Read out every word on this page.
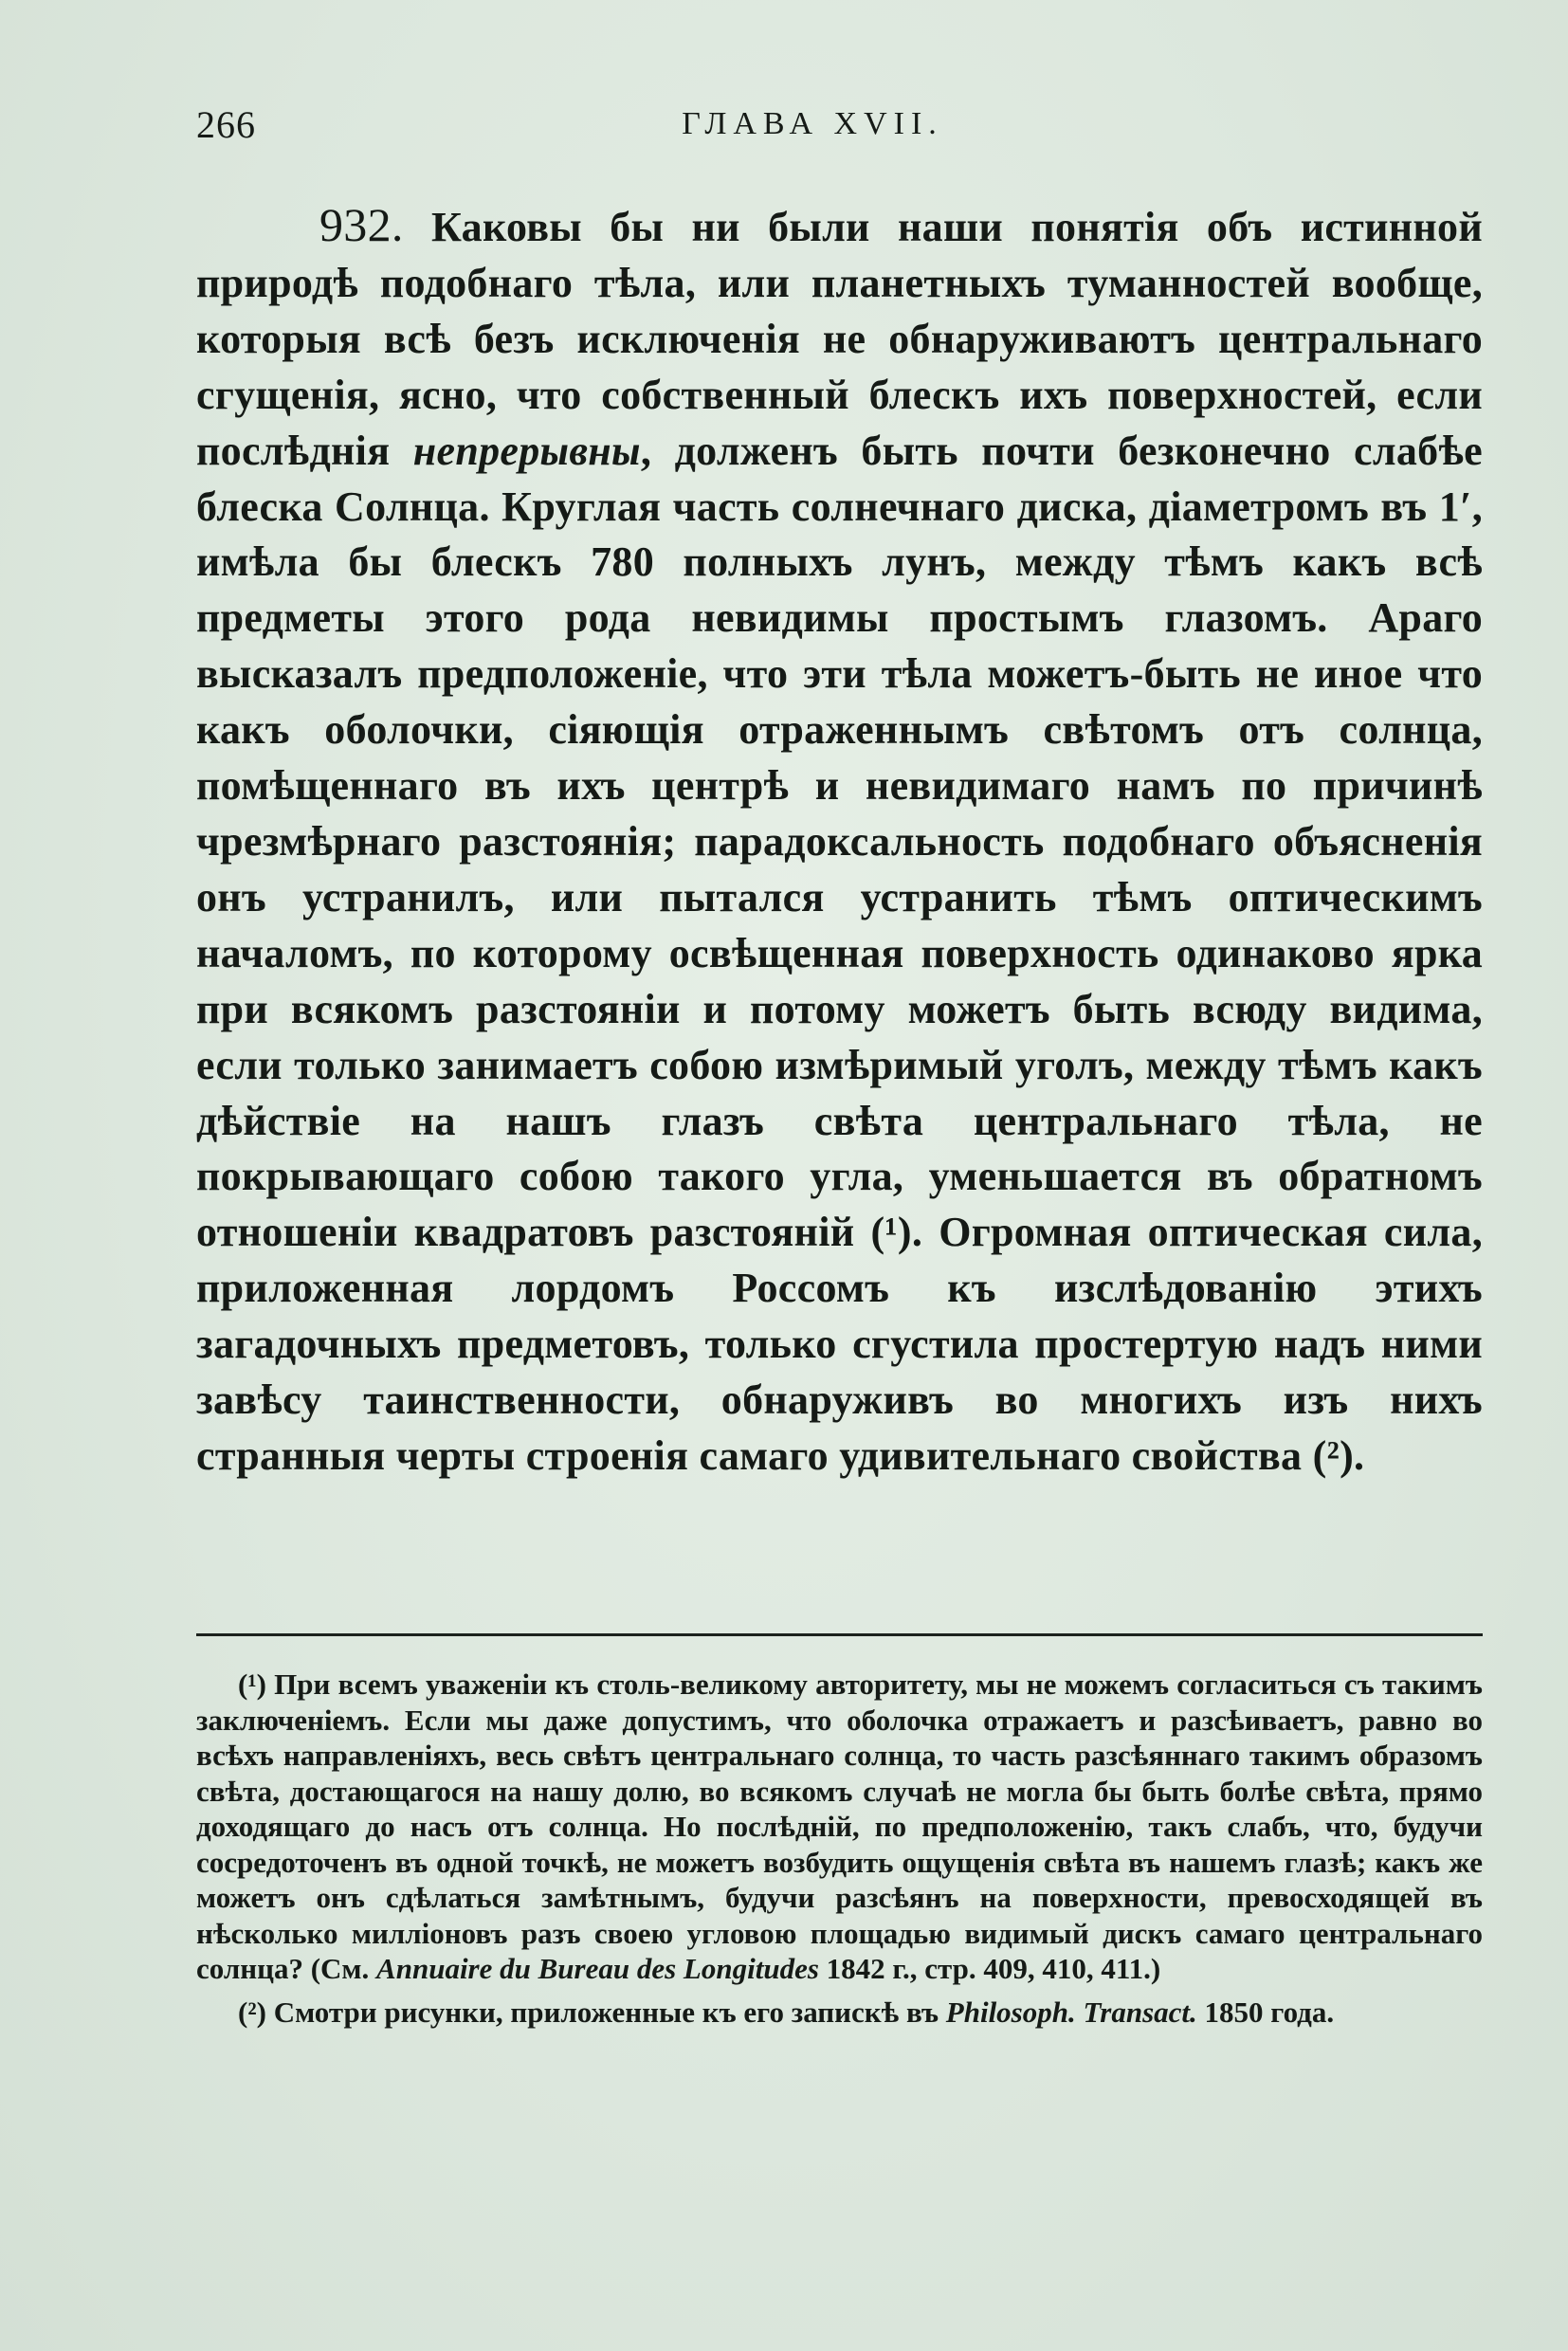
266	ГЛАВА XVII.

932. Каковы бы ни были наши понятія объ истинной природѣ подобнаго тѣла, или планетныхъ туманностей вообще, которыя всѣ безъ исключенія не обнаруживаютъ центральнаго сгущенія, ясно, что собственный блескъ ихъ поверхностей, если послѣднія непрерывны, долженъ быть почти безконечно слабѣе блеска Солнца. Круглая часть солнечнаго диска, діаметромъ въ 1′, имѣла бы блескъ 780 полныхъ лунъ, между тѣмъ какъ всѣ предметы этого рода невидимы простымъ глазомъ. Араго высказалъ предположеніе, что эти тѣла можетъ-быть не иное что какъ оболочки, сіяющія отраженнымъ свѣтомъ отъ солнца, помѣщеннаго въ ихъ центрѣ и невидимаго намъ по причинѣ чрезмѣрнаго разстоянія; парадоксальность подобнаго объясненія онъ устранилъ, или пытался устранить тѣмъ оптическимъ началомъ, по которому освѣщенная поверхность одинаково ярка при всякомъ разстояніи и потому можетъ быть всюду видима, если только занимаетъ собою измѣримый уголъ, между тѣмъ какъ дѣйствіе на нашъ глазъ свѣта центральнаго тѣла, не покрывающаго собою такого угла, уменьшается въ обратномъ отношеніи квадратовъ разстояній (¹). Огромная оптическая сила, приложенная лордомъ Россомъ къ изслѣдованію этихъ загадочныхъ предметовъ, только сгустила простертую надъ ними завѣсу таинственности, обнаруживъ во многихъ изъ нихъ странныя черты строенія самаго удивительнаго свойства (²).

(¹) При всемъ уваженіи къ столь-великому авторитету, мы не можемъ согласиться съ такимъ заключеніемъ. Если мы даже допустимъ, что оболочка отражаетъ и разсѣиваетъ, равно во всѣхъ направленіяхъ, весь свѣтъ центральнаго солнца, то часть разсѣяннаго такимъ образомъ свѣта, достающагося на нашу долю, во всякомъ случаѣ не могла бы быть болѣе свѣта, прямо доходящаго до насъ отъ солнца. Но послѣдній, по предположенію, такъ слабъ, что, будучи сосредоточенъ въ одной точкѣ, не можетъ возбудить ощущенія свѣта въ нашемъ глазѣ; какъ же можетъ онъ сдѣлаться замѣтнымъ, будучи разсѣянъ на поверхности, превосходящей въ нѣсколько милліоновъ разъ своею угловою площадью видимый дискъ самаго центральнаго солнца? (См. Annuaire du Bureau des Longitudes 1842 г., стр. 409, 410, 411.)

(²) Смотри рисунки, приложенные къ его запискѣ въ Philosoph. Transact. 1850 года.
